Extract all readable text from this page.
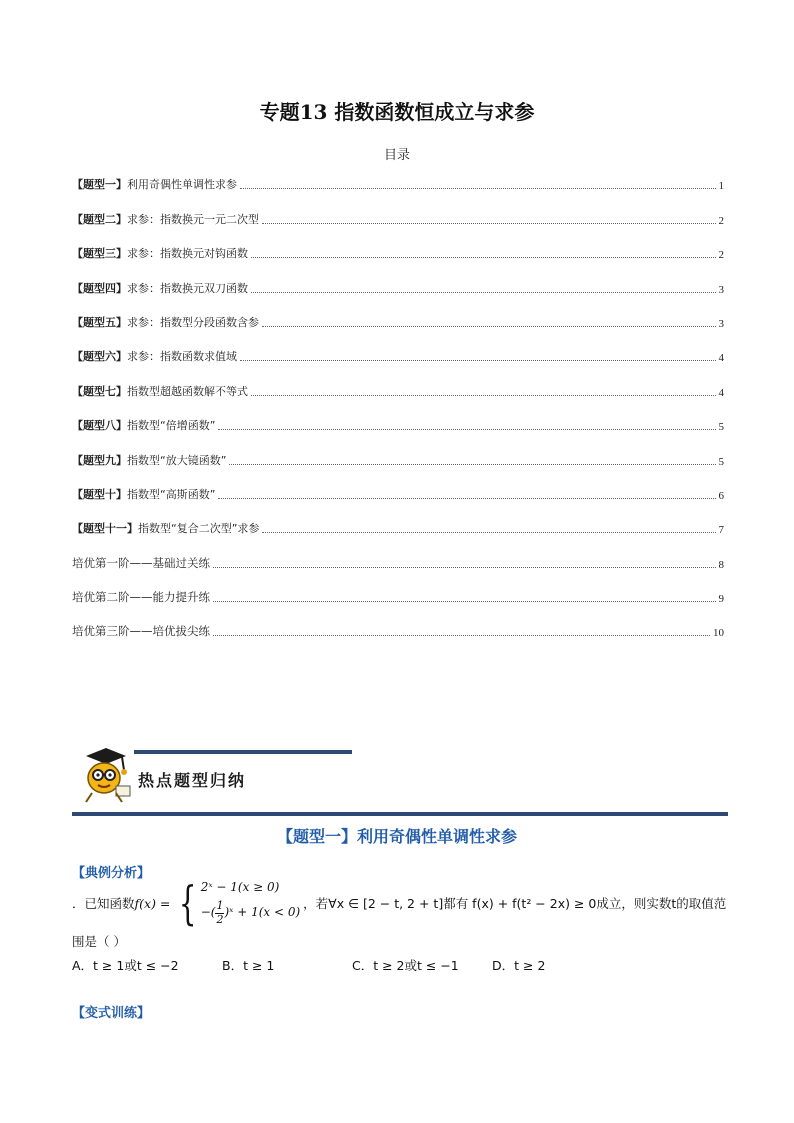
专题13 指数函数恒成立与求参
目录
【题型一】 利用奇偶性单调性求参	1
【题型二】 求参：指数换元一元二次型	2
【题型三】 求参：指数换元对钩函数	2
【题型四】 求参：指数换元双刀函数	3
【题型五】 求参：指数型分段函数含参	3
【题型六】 求参：指数函数求值域	4
【题型七】 指数型超越函数解不等式	4
【题型八】 指数型“倍增函数”	5
【题型九】 指数型“放大镜函数”	5
【题型十】 指数型“高斯函数”	6
【题型十一】 指数型“复合二次型”求参	7
培优第一阶——基础过关练	8
培优第二阶——能力提升练	9
培优第三阶——培优拔尖练	10
热点题型归纳
【题型一】利用奇偶性单调性求参
【典例分析】
．已知函数 f(x) = { 2ˣ − 1(x ≥ 0)
−( $\frac{1}{2}$ )ˣ + 1(x < 0)
，若∀x ∈ [2 − t, 2 + t]都有 f(x) + f(t² − 2x) ≥ 0成立，则实数t的取值范
围是（ ）
A．t ≥ 1或t ≤ −2	B．t ≥ 1	C．t ≥ 2或t ≤ −1	D．t ≥ 2
【变式训练】
